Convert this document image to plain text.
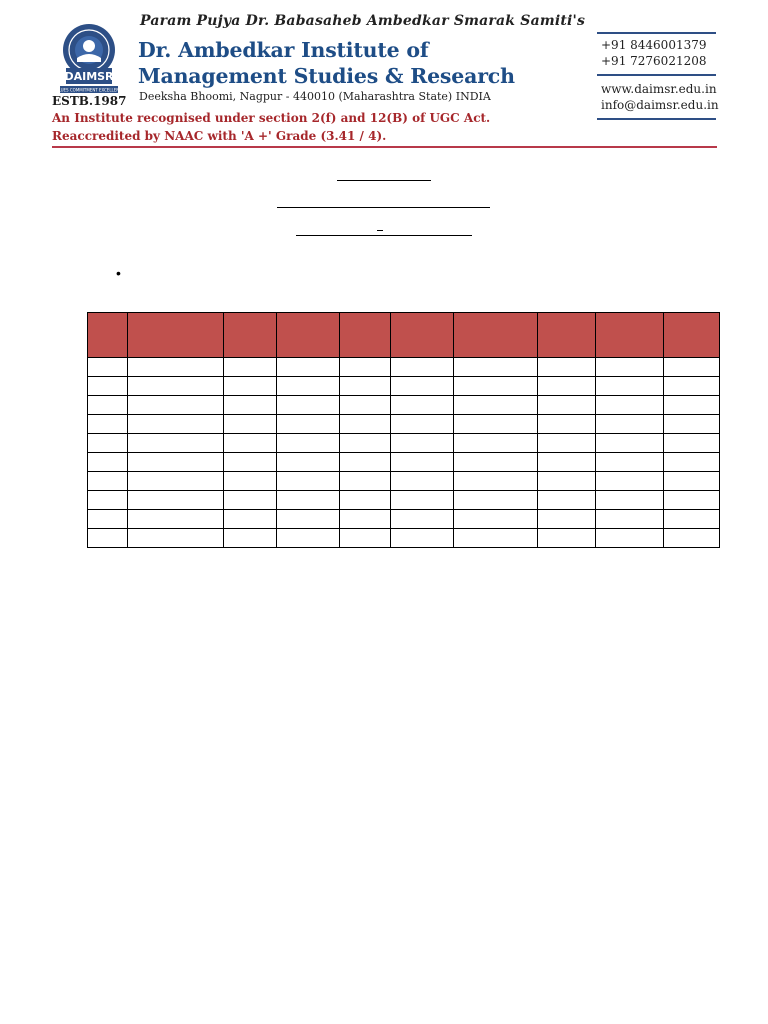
DAIMSR
VALUES COMMITMENT EXCELLENCE
ESTB.1987
Param Pujya Dr. Babasaheb Ambedkar Smarak Samiti's
Dr. Ambedkar Institute of
Management Studies & Research
Deeksha Bhoomi, Nagpur - 440010 (Maharashtra State) INDIA
An Institute recognised under section 2(f) and 12(B) of UGC Act.
Reaccredited by NAAC with 'A +' Grade (3.41 / 4).
+91 8446001379
+91 7276021208
www.daimsr.edu.in
info@daimsr.edu.in
•
